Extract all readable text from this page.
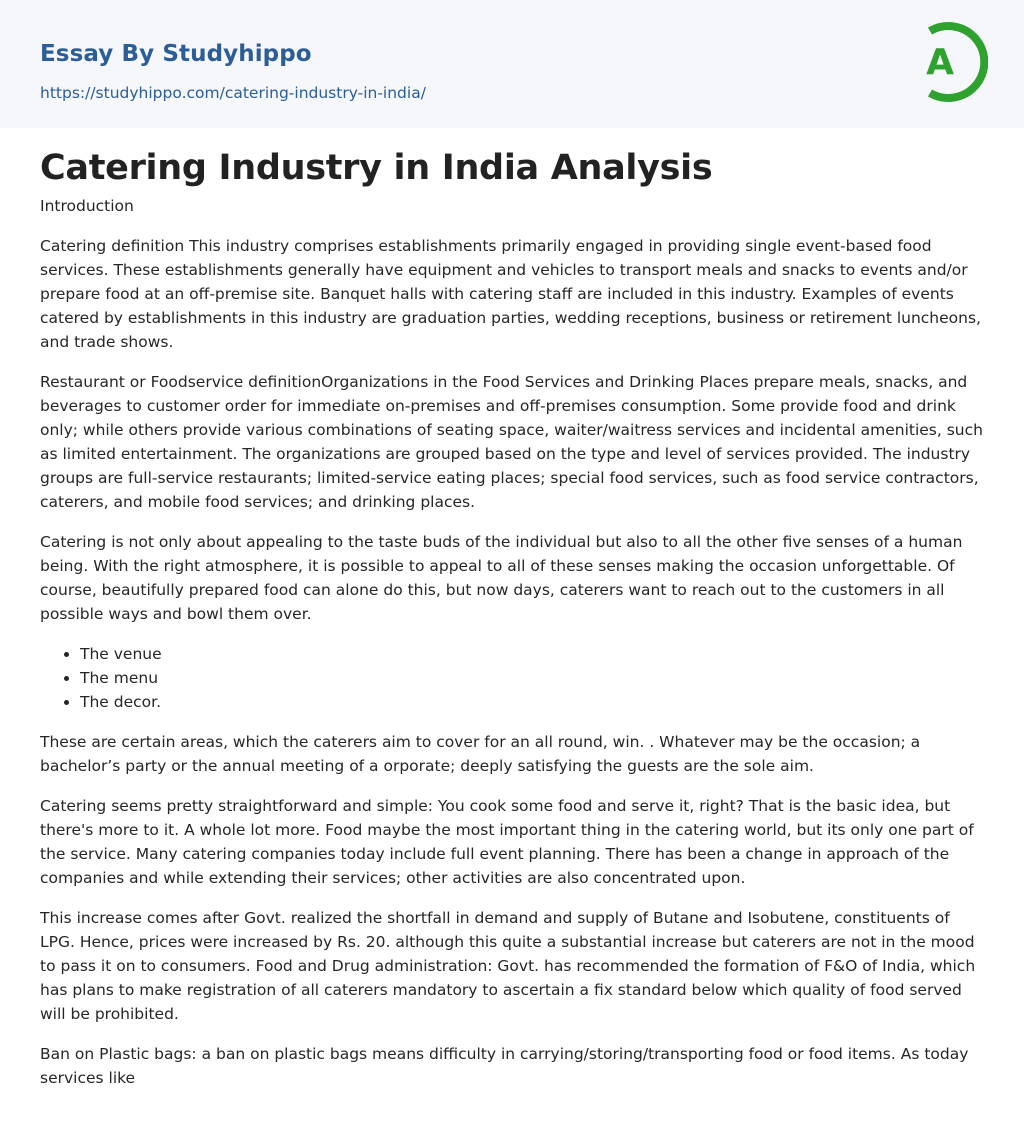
Essay By Studyhippo
https://studyhippo.com/catering-industry-in-india/
A
Catering Industry in India Analysis
Introduction

Catering definition This industry comprises establishments primarily engaged in providing single event-based food services. These establishments generally have equipment and vehicles to transport meals and snacks to events and/or prepare food at an off-premise site. Banquet halls with catering staff are included in this industry. Examples of events catered by establishments in this industry are graduation parties, wedding receptions, business or retirement luncheons, and trade shows.

Restaurant or Foodservice definitionOrganizations in the Food Services and Drinking Places prepare meals, snacks, and beverages to customer order for immediate on-premises and off-premises consumption. Some provide food and drink only; while others provide various combinations of seating space, waiter/waitress services and incidental amenities, such as limited entertainment. The organizations are grouped based on the type and level of services provided. The industry groups are full-service restaurants; limited-service eating places; special food services, such as food service contractors, caterers, and mobile food services; and drinking places.

Catering is not only about appealing to the taste buds of the individual but also to all the other five senses of a human being. With the right atmosphere, it is possible to appeal to all of these senses making the occasion unforgettable. Of course, beautifully prepared food can alone do this, but now days, caterers want to reach out to the customers in all possible ways and bowl them over.

• The venue
• The menu
• The decor.

These are certain areas, which the caterers aim to cover for an all round, win. . Whatever may be the occasion; a bachelor’s party or the annual meeting of a orporate; deeply satisfying the guests are the sole aim.

Catering seems pretty straightforward and simple: You cook some food and serve it, right? That is the basic idea, but there's more to it. A whole lot more. Food maybe the most important thing in the catering world, but its only one part of the service. Many catering companies today include full event planning. There has been a change in approach of the companies and while extending their services; other activities are also concentrated upon.

This increase comes after Govt. realized the shortfall in demand and supply of Butane and Isobutene, constituents of LPG. Hence, prices were increased by Rs. 20. although this quite a substantial increase but caterers are not in the mood to pass it on to consumers. Food and Drug administration: Govt. has recommended the formation of F&O of India, which has plans to make registration of all caterers mandatory to ascertain a fix standard below which quality of food served will be prohibited.

Ban on Plastic bags: a ban on plastic bags means difficulty in carrying/storing/transporting food or food items. As today services like
